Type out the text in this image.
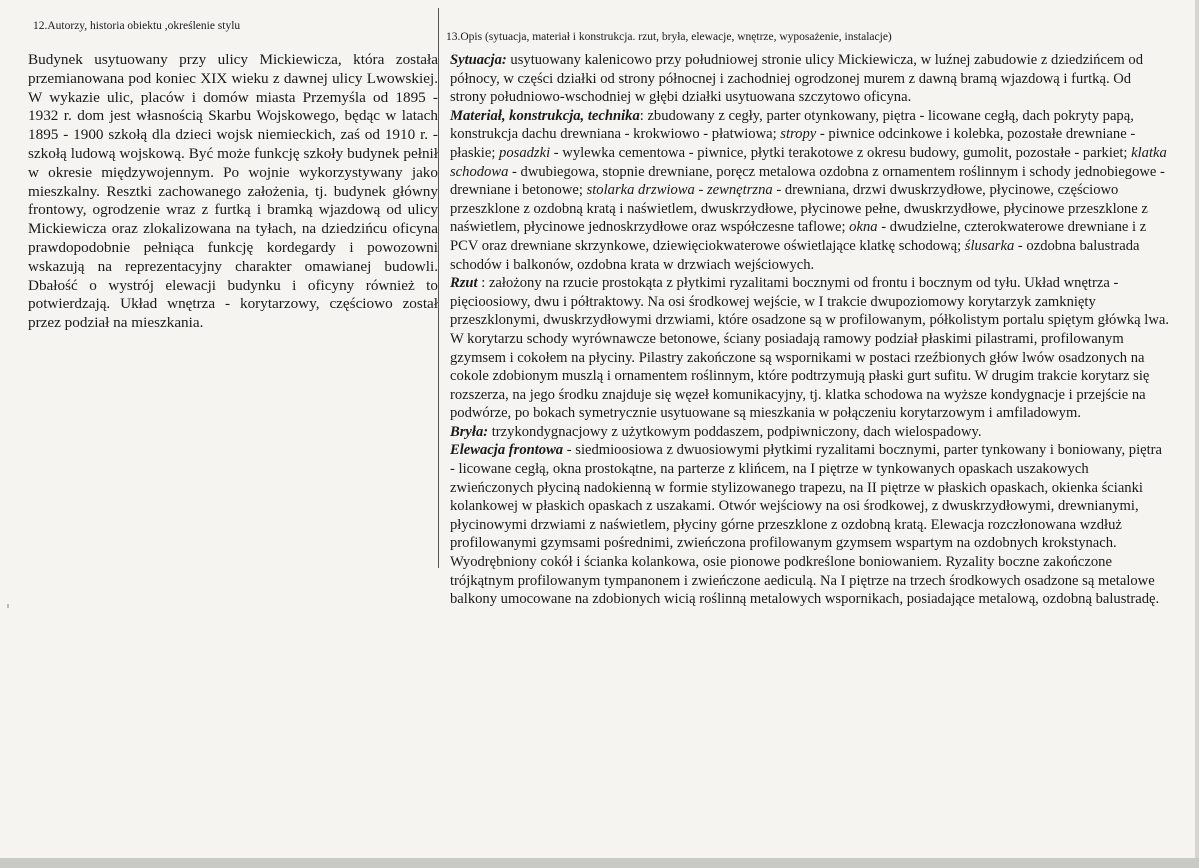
12.Autorzy, historia obiektu ,określenie stylu
13.Opis (sytuacja, materiał i konstrukcja. rzut, bryła, elewacje, wnętrze, wyposażenie, instalacje)
Budynek usytuowany przy ulicy Mickiewicza, która została przemianowana pod koniec XIX wieku z dawnej ulicy Lwowskiej. W wykazie ulic, placów i domów miasta Przemyśla od 1895 - 1932 r. dom jest własnością Skarbu Wojskowego, będąc w latach 1895 - 1900 szkołą dla dzieci wojsk niemieckich, zaś od 1910 r. - szkołą ludową wojskową. Być może funkcję szkoły budynek pełnił w okresie międzywojennym. Po wojnie wykorzystywany jako mieszkalny. Resztki zachowanego założenia, tj. budynek główny frontowy, ogrodzenie wraz z furtką i bramką wjazdową od ulicy Mickiewicza oraz zlokalizowana na tyłach, na dziedzińcu oficyna prawdopodobnie pełniąca funkcję kordegardy i powozowni wskazują na reprezentacyjny charakter omawianej budowli. Dbałość o wystrój elewacji budynku i oficyny również to potwierdzają. Układ wnętrza - korytarzowy, częściowo został przez podział na mieszkania.

Sytuacja: usytuowany kalenicowo przy południowej stronie ulicy Mickiewicza, w luźnej zabudowie z dziedzińcem od północy, w części działki od strony północnej i zachodniej ogrodzonej murem z dawną bramą wjazdową i furtką. Od strony południowo-wschodniej w głębi działki usytuowana szczytowo oficyna.

Materiał, konstrukcja, technika: zbudowany z cegły, parter otynkowany, piętra - licowane cegłą, dach pokryty papą, konstrukcja dachu drewniana - krokwiowo - płatwiowa; stropy - piwnice odcinkowe i kolebka, pozostałe drewniane - płaskie; posadzki - wylewka cementowa - piwnice, płytki terakotowe z okresu budowy, gumolit, pozostałe - parkiet; klatka schodowa - dwubiegowa, stopnie drewniane, poręcz metalowa ozdobna z ornamentem roślinnym i schody jednobiegowe - drewniane i betonowe; stolarka drzwiowa - zewnętrzna - drewniana, drzwi dwuskrzydłowe, płycinowe, częściowo przeszklone z ozdobną kratą i naświetlem, dwuskrzydłowe, płycinowe pełne, dwuskrzydłowe, płycinowe przeszklone z naświetlem, płycinowe jednoskrzydłowe oraz współczesne taflowe; okna - dwudzielne, czterokwaterowe drewniane i z PCV oraz drewniane skrzynkowe, dziewięciokwaterowe oświetlające klatkę schodową; ślusarka - ozdobna balustrada schodów i balkonów, ozdobna krata w drzwiach wejściowych.

Rzut : założony na rzucie prostokąta z płytkimi ryzalitami bocznymi od frontu i bocznym od tyłu. Układ wnętrza - pięcioosiowy, dwu i półtraktowy. Na osi środkowej wejście, w I trakcie dwupoziomowy korytarzyk zamknięty przeszklonymi, dwuskrzydłowymi drzwiami, które osadzone są w profilowanym, półkolistym portalu spiętym główką lwa. W korytarzu schody wyrównawcze betonowe, ściany posiadają ramowy podział płaskimi pilastrami, profilowanym gzymsem i cokołem na płyciny. Pilastry zakończone są wspornikami w postaci rzeźbionych głów lwów osadzonych na cokole zdobionym muszlą i ornamentem roślinnym, które podtrzymują płaski gurt sufitu. W drugim trakcie korytarz się rozszerza, na jego środku znajduje się węzeł komunikacyjny, tj. klatka schodowa na wyższe kondygnacje i przejście na podwórze, po bokach symetrycznie usytuowane są mieszkania w połączeniu korytarzowym i amfiladowym.

Bryła: trzykondygnacjowy z użytkowym poddaszem, podpiwniczony, dach wielospadowy.

Elewacja frontowa - siedmioosiowa z dwuosiowymi płytkimi ryzalitami bocznymi, parter tynkowany i boniowany, piętra - licowane cegłą, okna prostokątne, na parterze z klińcem, na I piętrze w tynkowanych opaskach uszakowych zwieńczonych płyciną nadokienną w formie stylizowanego trapezu, na II piętrze w płaskich opaskach, okienka ścianki kolankowej w płaskich opaskach z uszakami. Otwór wejściowy na osi środkowej, z dwuskrzydłowymi, drewnianymi, płycinowymi drzwiami z naświetlem, płyciny górne przeszklone z ozdobną kratą. Elewacja rozczłonowana wzdłuż profilowanymi gzymsami pośrednimi, zwieńczona profilowanym gzymsem wspartym na ozdobnych krokstynach. Wyodrębniony cokół i ścianka kolankowa, osie pionowe podkreślone boniowaniem. Ryzality boczne zakończone trójkątnym profilowanym tympanonem i zwieńczone aediculą. Na I piętrze na trzech środkowych osadzone są metalowe balkony umocowane na zdobionych wicią roślinną metalowych wspornikach, posiadające metalową, ozdobną balustradę.
